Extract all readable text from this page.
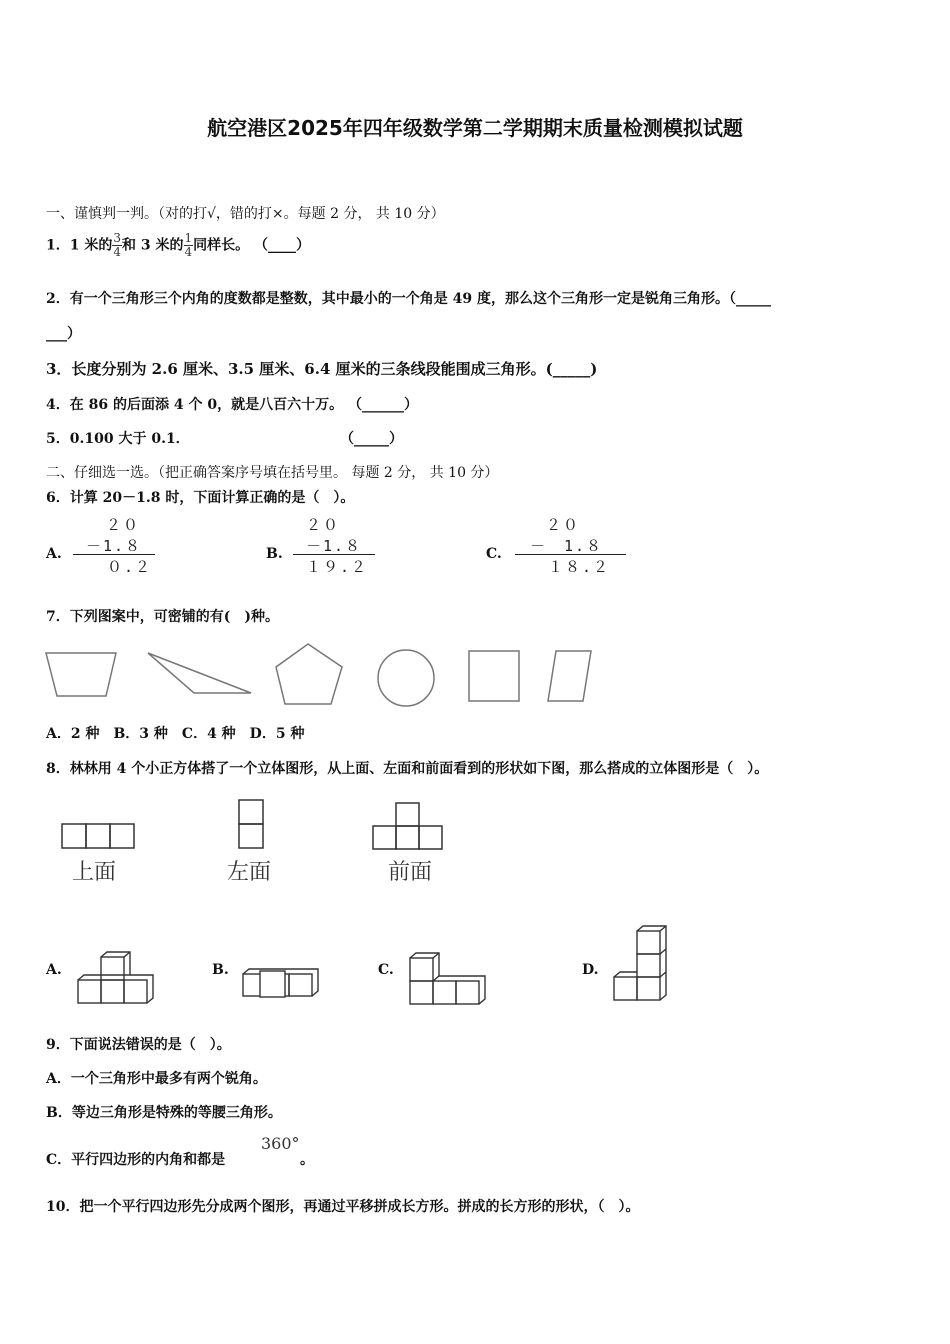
航空港区2025年四年级数学第二学期期末质量检测模拟试题
一、谨慎判一判。（对的打√，错的打×。每题 2 分， 共 10 分）
1．1 米的 $\frac{3}{4}$ 和 3 米的 $\frac{1}{4}$ 同样长。 （____）
2．有一个三角形三个内角的度数都是整数，其中最小的一个角是 49 度，那么这个三角形一定是锐角三角形。（_____
___）
3．长度分别为 2.6 厘米、3.5 厘米、6.4 厘米的三条线段能围成三角形。(_____)
4．在 86 的后面添 4 个 0，就是八百六十万。 （______）
5．0.100 大于 0.1．	（_____）
二、仔细选一选。（把正确答案序号填在括号里。 每题 2 分， 共 10 分）
6．计算 20－1.8 时，下面计算正确的是（　）。
A.
２０
－1.８
０.２
B.
２０
－1.８
１９.２
C.
２０
－　1.８
１８.２
7．下列图案中，可密铺的有(　)种。
A．2 种　B．3 种　C．4 种　D．5 种
8．林林用 4 个小正方体搭了一个立体图形，从上面、左面和前面看到的形状如下图，那么搭成的立体图形是（　）。
上面	左面	前面
A.	B.	C.	D.
9．下面说法错误的是（　）。
A．一个三角形中最多有两个锐角。
B．等边三角形是特殊的等腰三角形。
C．平行四边形的内角和都是
360°
。
10．把一个平行四边形先分成两个图形，再通过平移拼成长方形。拼成的长方形的形状，（　）。
